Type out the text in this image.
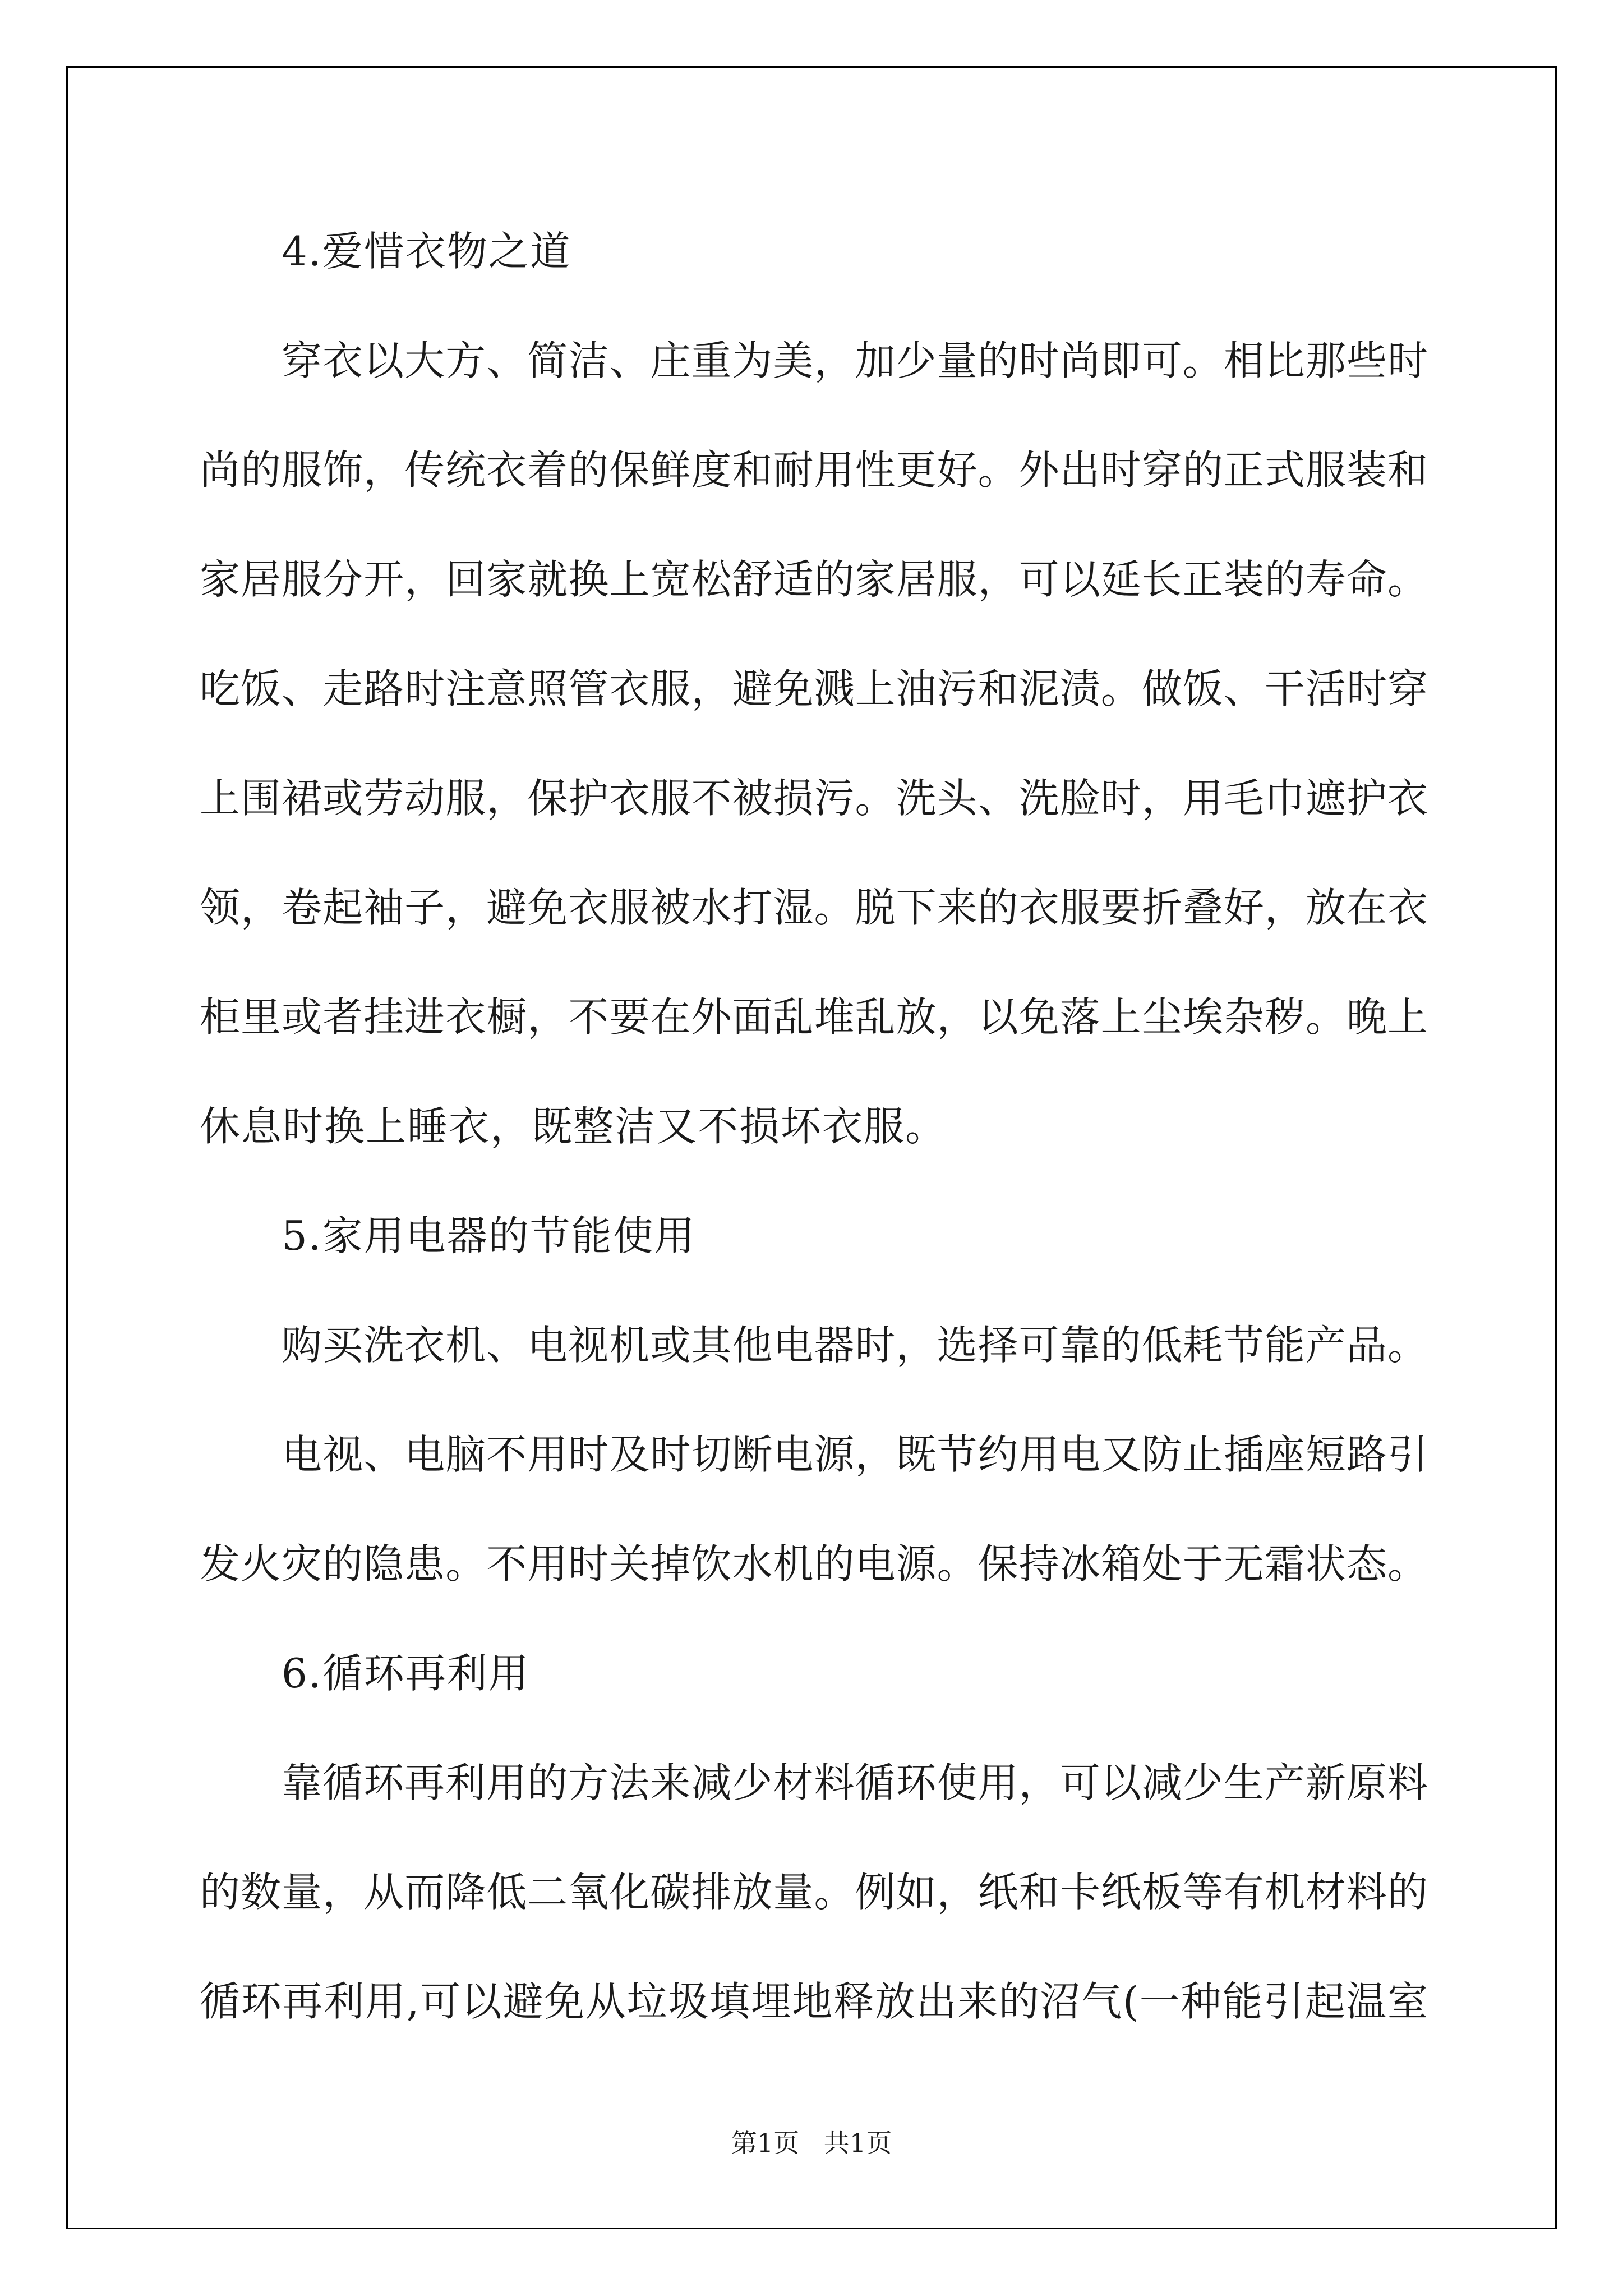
4.爱惜衣物之道
穿衣以大方、简洁、庄重为美，加少量的时尚即可。相比那些时
尚的服饰，传统衣着的保鲜度和耐用性更好。外出时穿的正式服装和
家居服分开，回家就换上宽松舒适的家居服，可以延长正装的寿命。
吃饭、走路时注意照管衣服，避免溅上油污和泥渍。做饭、干活时穿
上围裙或劳动服，保护衣服不被损污。洗头、洗脸时，用毛巾遮护衣
领，卷起袖子，避免衣服被水打湿。脱下来的衣服要折叠好，放在衣
柜里或者挂进衣橱，不要在外面乱堆乱放，以免落上尘埃杂秽。晚上
休息时换上睡衣，既整洁又不损坏衣服。
5.家用电器的节能使用
购买洗衣机、电视机或其他电器时，选择可靠的低耗节能产品。
电视、电脑不用时及时切断电源，既节约用电又防止插座短路引
发火灾的隐患。不用时关掉饮水机的电源。保持冰箱处于无霜状态。
6.循环再利用
靠循环再利用的方法来减少材料循环使用，可以减少生产新原料
的数量，从而降低二氧化碳排放量。例如，纸和卡纸板等有机材料的
循环再利用,可以避免从垃圾填埋地释放出来的沼气(一种能引起温室
第1页   共1页
